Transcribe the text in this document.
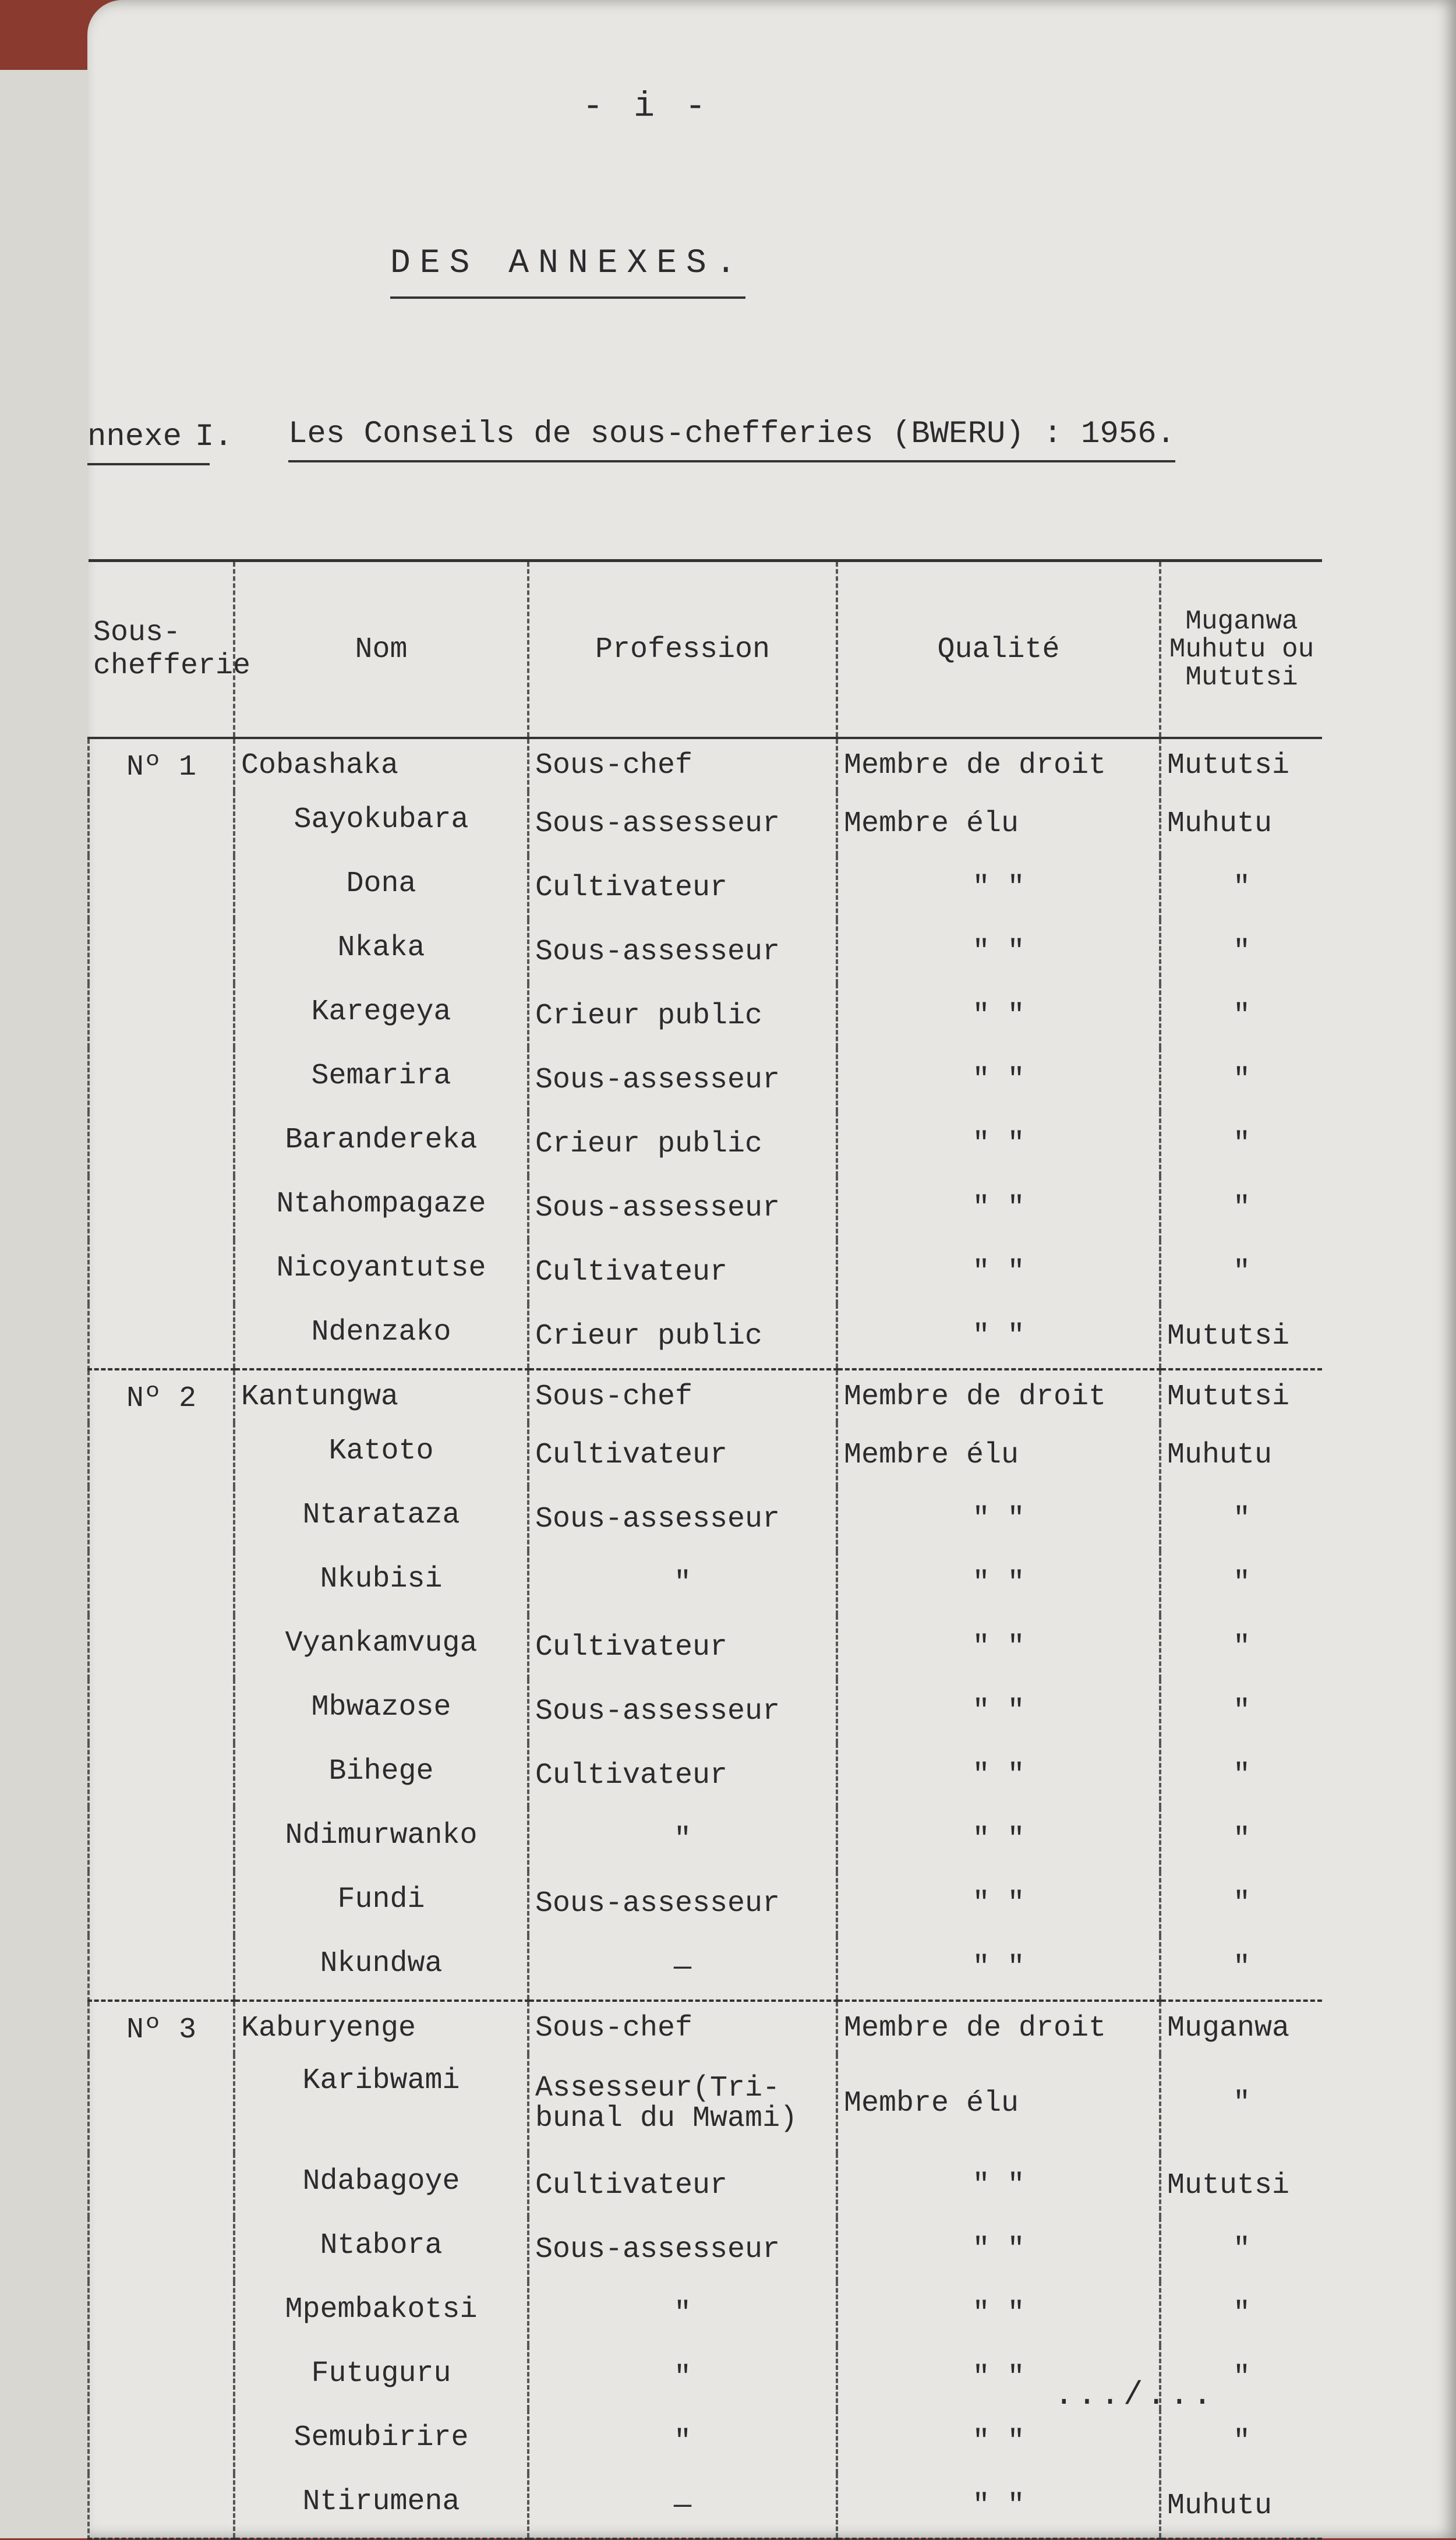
- i -
DES ANNEXES.
nnexe I. Les Conseils de sous-chefferies (BWERU) : 1956.
Sous-chefferie	Nom	Profession	Qualité	Muganwa Muhutu ou Mututsi
Nº 1	Cobashaka	Sous-chef	Membre de droit	Mututsi
	Sayokubara	Sous-assesseur	Membre élu	Muhutu
	Dona	Cultivateur	" "	"
	Nkaka	Sous-assesseur	" "	"
	Karegeya	Crieur public	" "	"
	Semarira	Sous-assesseur	" "	"
	Barandereka	Crieur public	" "	"
	Ntahompagaze	Sous-assesseur	" "	"
	Nicoyantutse	Cultivateur	" "	"
	Ndenzako	Crieur public	" "	Mututsi
Nº 2	Kantungwa	Sous-chef	Membre de droit	Mututsi
	Katoto	Cultivateur	Membre élu	Muhutu
	Ntarataza	Sous-assesseur	" "	"
	Nkubisi	"	" "	"
	Vyankamvuga	Cultivateur	" "	"
	Mbwazose	Sous-assesseur	" "	"
	Bihege	Cultivateur	" "	"
	Ndimurwanko	"	" "	"
	Fundi	Sous-assesseur	" "	"
	Nkundwa	—	" "	"
Nº 3	Kaburyenge	Sous-chef	Membre de droit	Muganwa
	Karibwami	Assesseur(Tri-bunal du Mwami)	Membre élu	"
	Ndabagoye	Cultivateur	" "	Mututsi
	Ntabora	Sous-assesseur	" "	"
	Mpembakotsi	"	" "	"
	Futuguru	"	" "	"
	Semubirire	"	" "	"
	Ntirumena	—	" "	Muhutu
.../...
